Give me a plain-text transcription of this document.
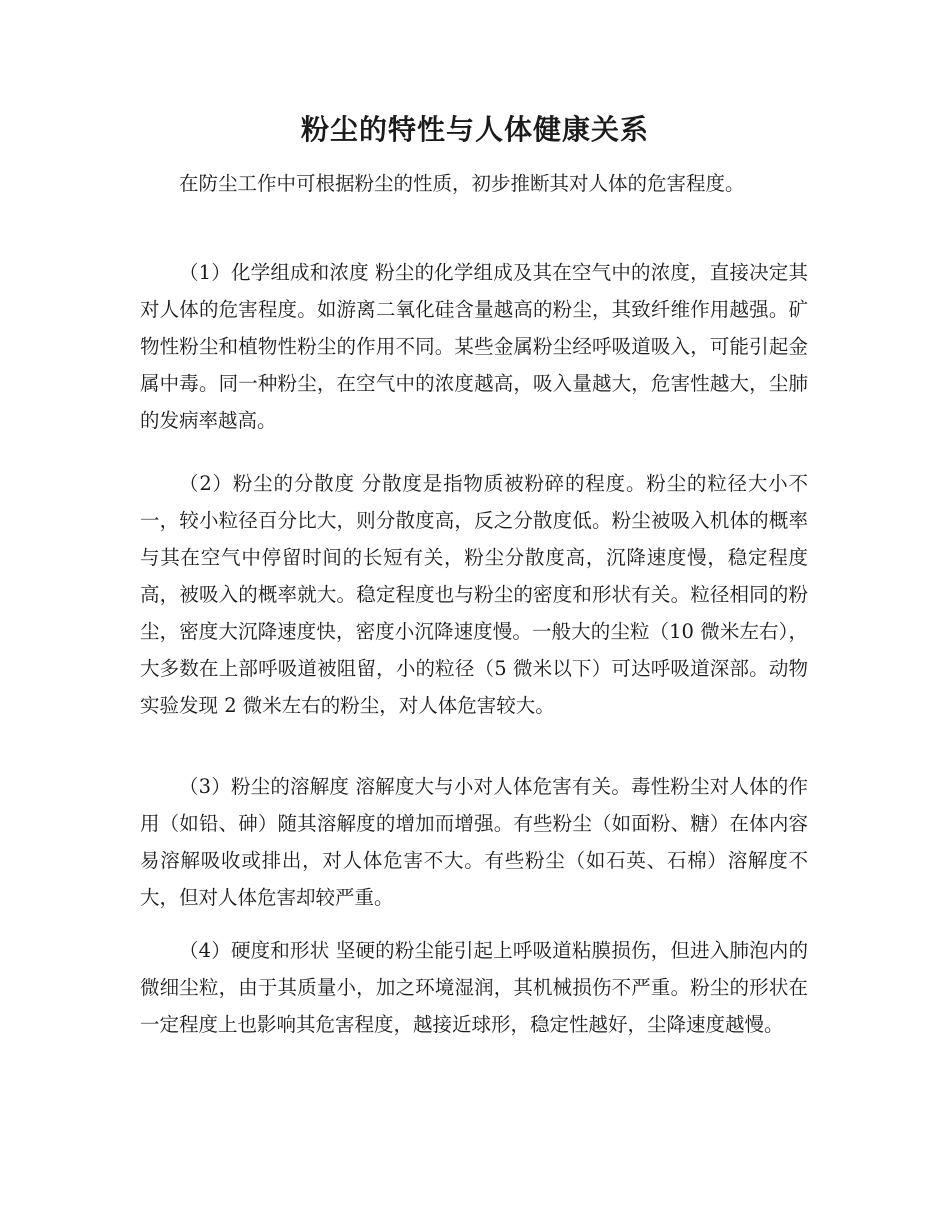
粉尘的特性与人体健康关系

在防尘工作中可根据粉尘的性质，初步推断其对人体的危害程度。

（1）化学组成和浓度 粉尘的化学组成及其在空气中的浓度，直接决定其对人体的危害程度。如游离二氧化硅含量越高的粉尘，其致纤维作用越强。矿物性粉尘和植物性粉尘的作用不同。某些金属粉尘经呼吸道吸入，可能引起金属中毒。同一种粉尘，在空气中的浓度越高，吸入量越大，危害性越大，尘肺的发病率越高。

（2）粉尘的分散度 分散度是指物质被粉碎的程度。粉尘的粒径大小不一，较小粒径百分比大，则分散度高，反之分散度低。粉尘被吸入机体的概率与其在空气中停留时间的长短有关，粉尘分散度高，沉降速度慢，稳定程度高，被吸入的概率就大。稳定程度也与粉尘的密度和形状有关。粒径相同的粉尘，密度大沉降速度快，密度小沉降速度慢。一般大的尘粒（10 微米左右），大多数在上部呼吸道被阻留，小的粒径（5 微米以下）可达呼吸道深部。动物实验发现 2 微米左右的粉尘，对人体危害较大。

（3）粉尘的溶解度 溶解度大与小对人体危害有关。毒性粉尘对人体的作用（如铅、砷）随其溶解度的增加而增强。有些粉尘（如面粉、糖）在体内容易溶解吸收或排出，对人体危害不大。有些粉尘（如石英、石棉）溶解度不大，但对人体危害却较严重。

（4）硬度和形状 坚硬的粉尘能引起上呼吸道粘膜损伤，但进入肺泡内的微细尘粒，由于其质量小，加之环境湿润，其机械损伤不严重。粉尘的形状在一定程度上也影响其危害程度，越接近球形，稳定性越好，尘降速度越慢。
